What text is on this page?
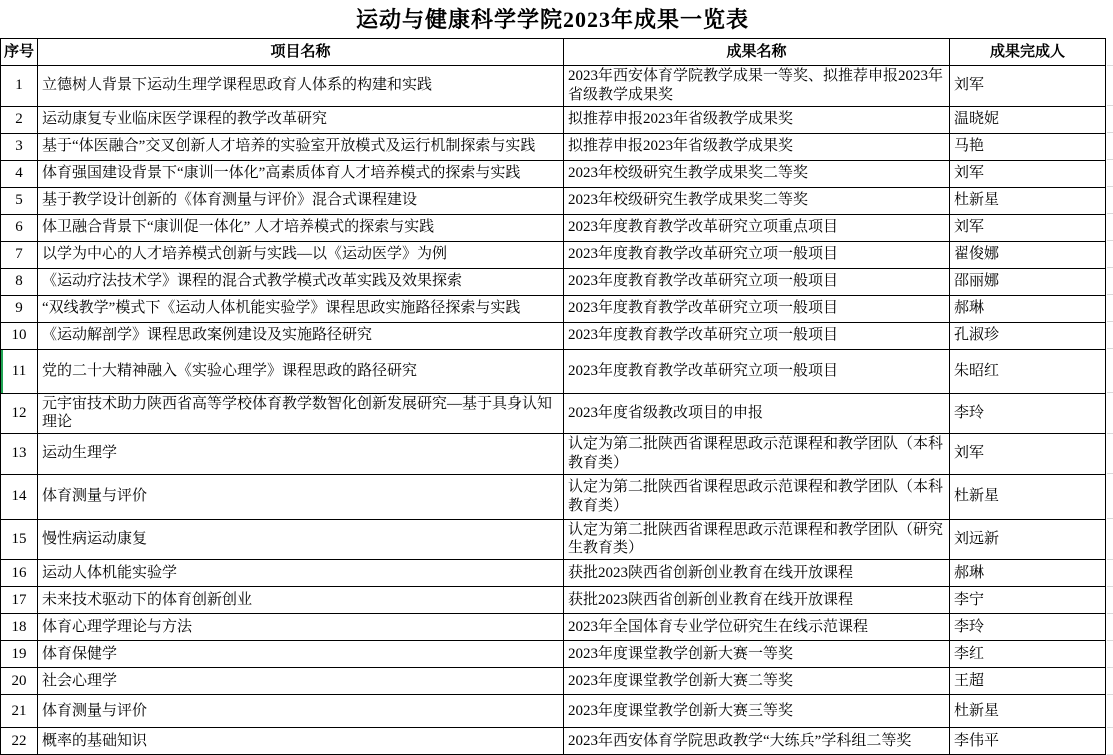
运动与健康科学学院2023年成果一览表
序号	项目名称	成果名称	成果完成人
1	立德树人背景下运动生理学课程思政育人体系的构建和实践	2023年西安体育学院教学成果一等奖、拟推荐申报2023年省级教学成果奖	刘军
2	运动康复专业临床医学课程的教学改革研究	拟推荐申报2023年省级教学成果奖	温晓妮
3	基于“体医融合”交叉创新人才培养的实验室开放模式及运行机制探索与实践	拟推荐申报2023年省级教学成果奖	马艳
4	体育强国建设背景下“康训一体化”高素质体育人才培养模式的探索与实践	2023年校级研究生教学成果奖二等奖	刘军
5	基于教学设计创新的《体育测量与评价》混合式课程建设	2023年校级研究生教学成果奖二等奖	杜新星
6	体卫融合背景下“康训促一体化” 人才培养模式的探索与实践	2023年度教育教学改革研究立项重点项目	刘军
7	以学为中心的人才培养模式创新与实践—以《运动医学》为例	2023年度教育教学改革研究立项一般项目	翟俊娜
8	《运动疗法技术学》课程的混合式教学模式改革实践及效果探索	2023年度教育教学改革研究立项一般项目	邵丽娜
9	“双线教学”模式下《运动人体机能实验学》课程思政实施路径探索与实践	2023年度教育教学改革研究立项一般项目	郝琳
10	《运动解剖学》课程思政案例建设及实施路径研究	2023年度教育教学改革研究立项一般项目	孔淑珍
11	党的二十大精神融入《实验心理学》课程思政的路径研究	2023年度教育教学改革研究立项一般项目	朱昭红
12	元宇宙技术助力陕西省高等学校体育教学数智化创新发展研究—基于具身认知理论	2023年度省级教改项目的申报	李玲
13	运动生理学	认定为第二批陕西省课程思政示范课程和教学团队（本科教育类）	刘军
14	体育测量与评价	认定为第二批陕西省课程思政示范课程和教学团队（本科教育类）	杜新星
15	慢性病运动康复	认定为第二批陕西省课程思政示范课程和教学团队（研究生教育类）	刘远新
16	运动人体机能实验学	获批2023陕西省创新创业教育在线开放课程	郝琳
17	未来技术驱动下的体育创新创业	获批2023陕西省创新创业教育在线开放课程	李宁
18	体育心理学理论与方法	2023年全国体育专业学位研究生在线示范课程	李玲
19	体育保健学	2023年度课堂教学创新大赛一等奖	李红
20	社会心理学	2023年度课堂教学创新大赛二等奖	王超
21	体育测量与评价	2023年度课堂教学创新大赛三等奖	杜新星
22	概率的基础知识	2023年西安体育学院思政教学“大练兵”学科组二等奖	李伟平
